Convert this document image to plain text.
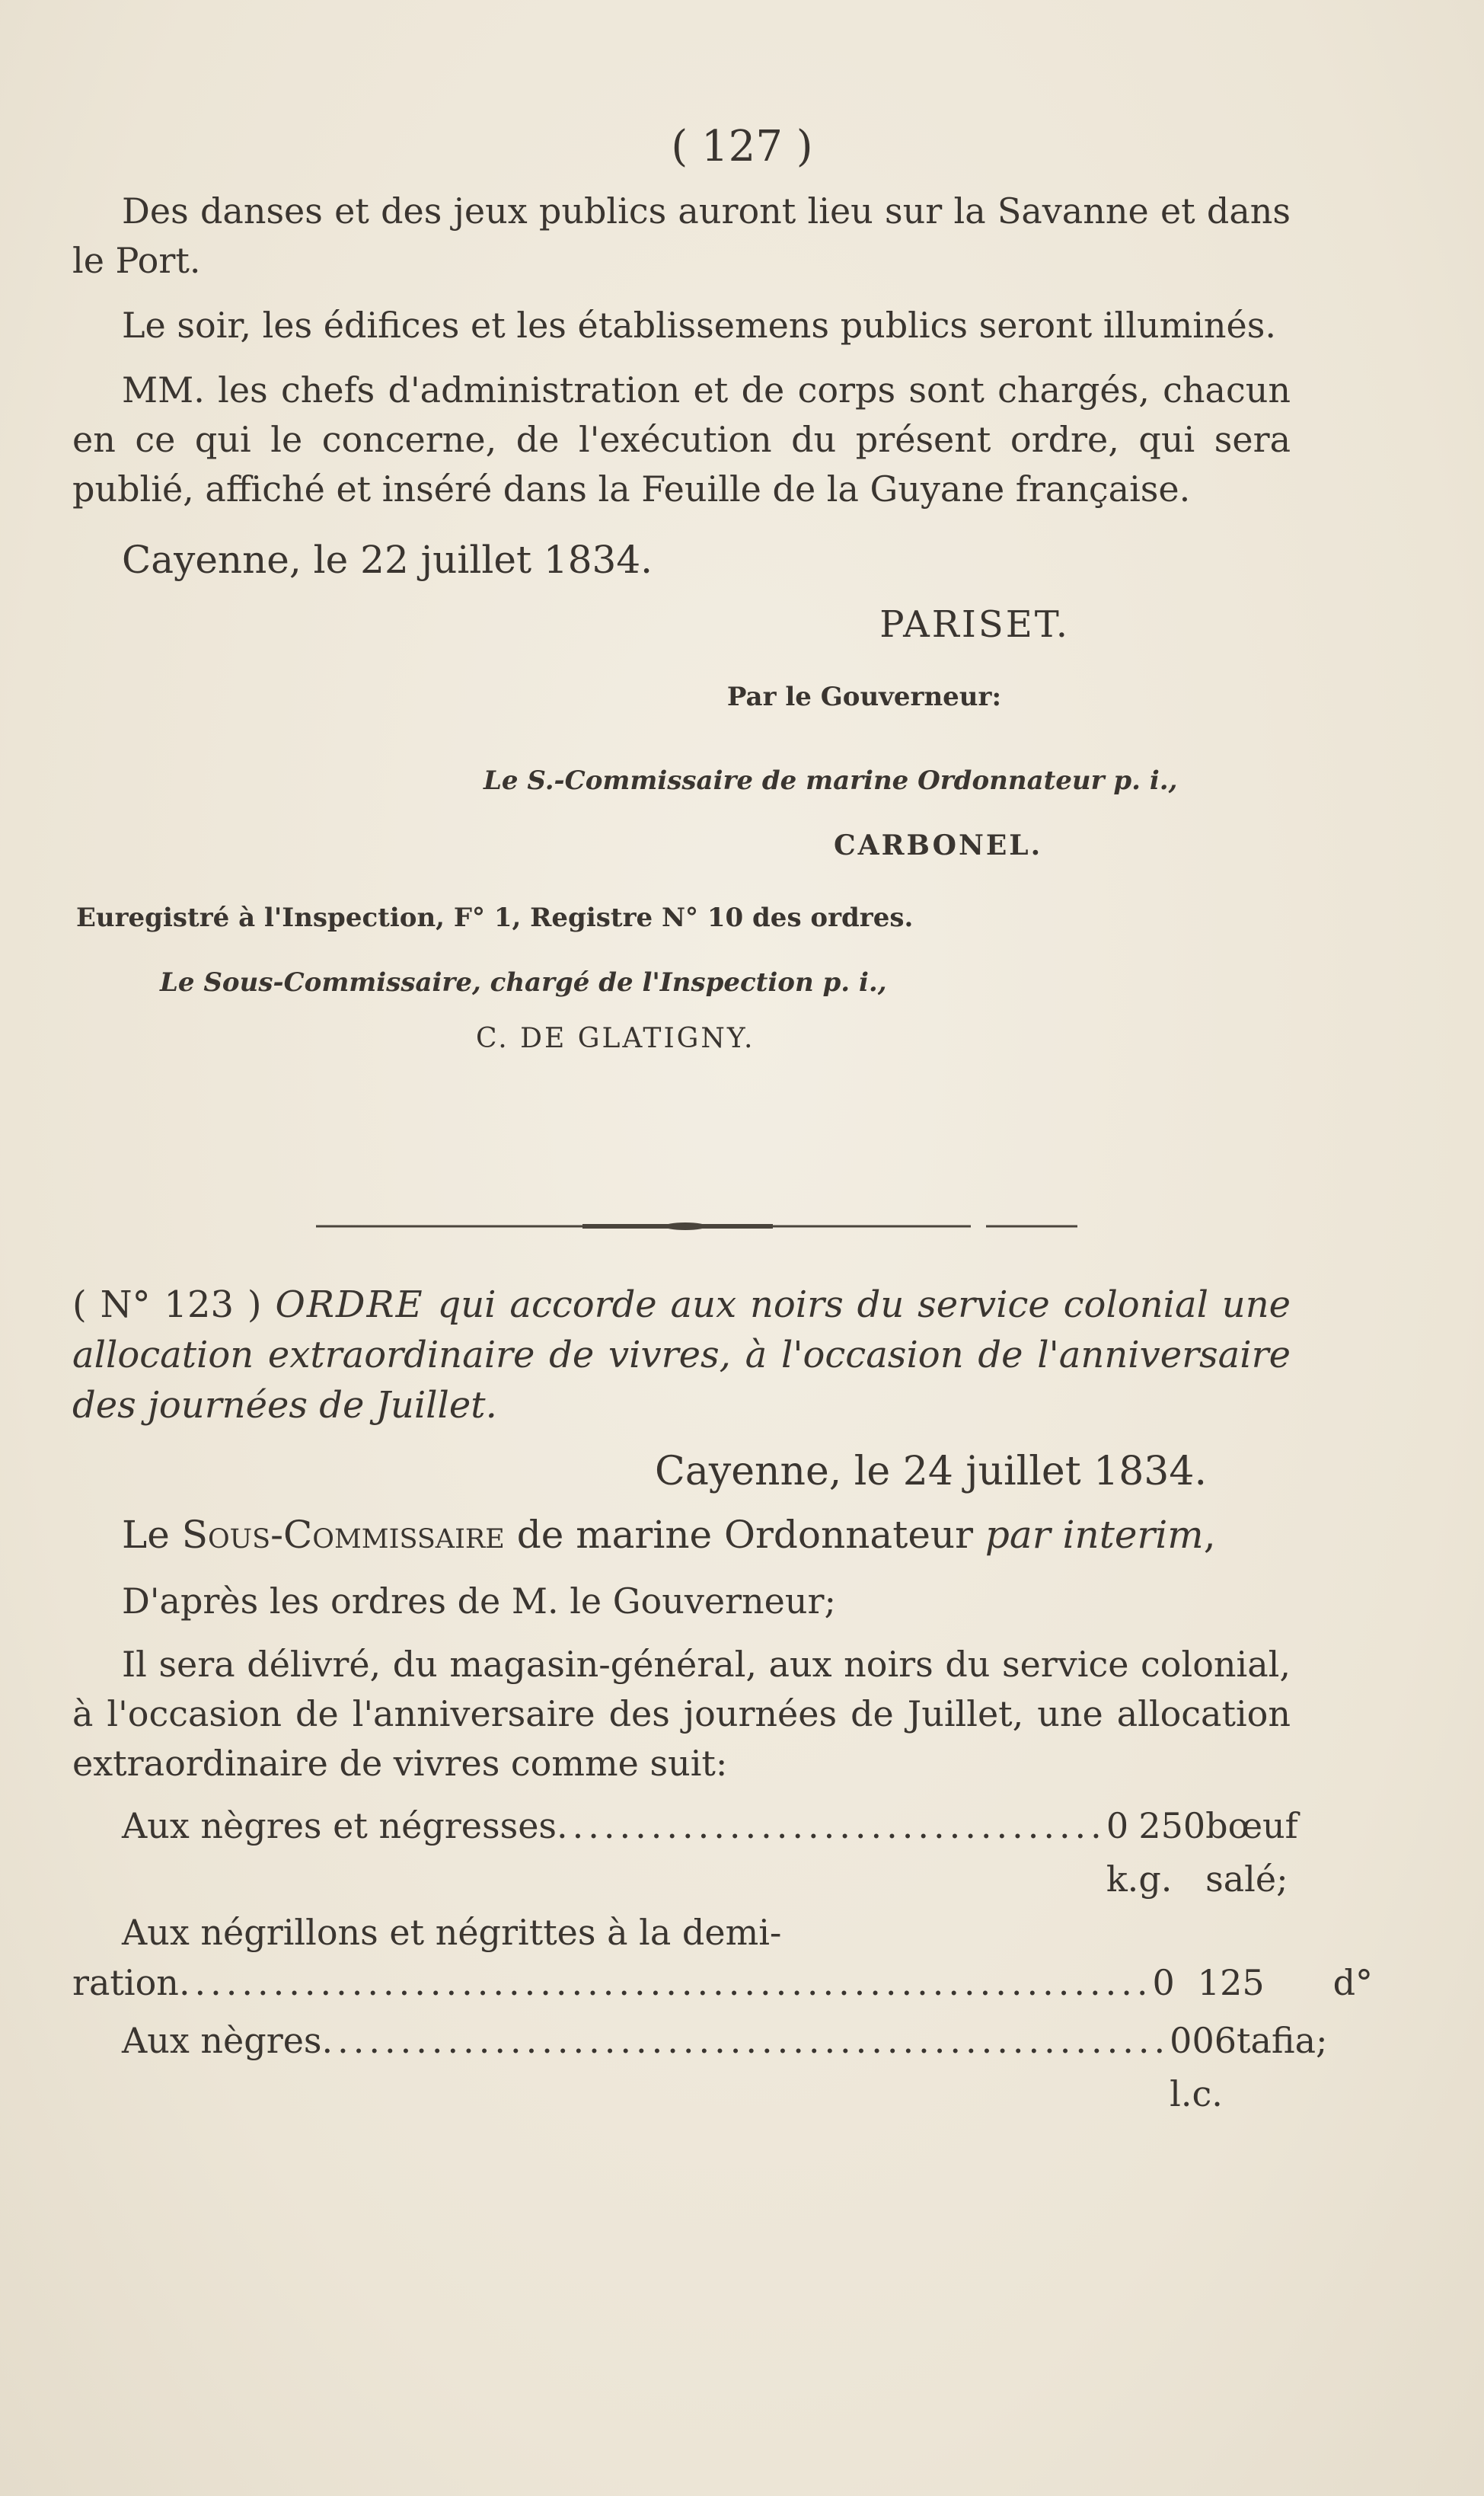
( 127 )

Des danses et des jeux publics auront lieu sur la Savanne et dans le Port.

Le soir, les édifices et les établissemens publics seront illuminés.

MM. les chefs d'administration et de corps sont chargés, chacun en ce qui le concerne, de l'exécution du présent ordre, qui sera publié, affiché et inséré dans la Feuille de la Guyane française.

Cayenne, le 22 juillet 1834.

PARISET.

Par le Gouverneur:

Le S.-Commissaire de marine Ordonnateur p. i.,

CARBONEL.

Euregistré à l'Inspection, F° 1, Registre N° 10 des ordres.

Le Sous-Commissaire, chargé de l'Inspection p. i.,

C. DE GLATIGNY.

( N° 123 ) ORDRE qui accorde aux noirs du service colonial une allocation extraordinaire de vivres, à l'occasion de l'anniversaire des journées de Juillet.

Cayenne, le 24 juillet 1834.

Le Sous-Commissaire de marine Ordonnateur par interim,

D'après les ordres de M. le Gouverneur;

Il sera délivré, du magasin-général, aux noirs du service colonial, à l'occasion de l'anniversaire des journées de Juillet, une allocation extraordinaire de vivres comme suit:

Aux nègres et négresses ................................... 0 k.
250 g.
bœuf salé;
Aux négrillons et négrittes à la demi-
ration .............................................................. 0 125	d°
Aux nègres ...................................................... 0 l.
06 c.
tafia;
